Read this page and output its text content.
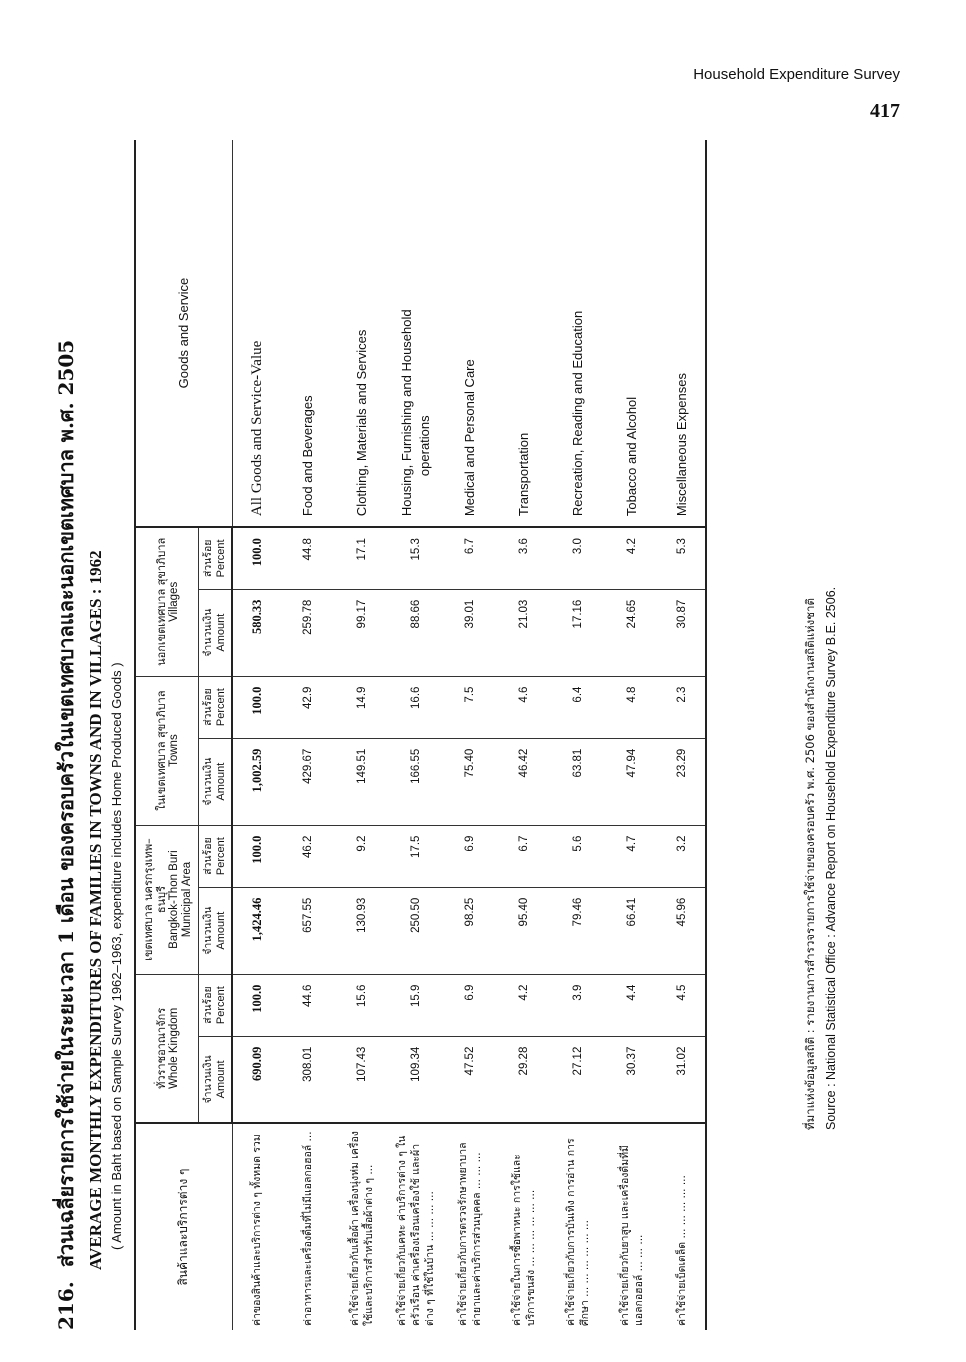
Household Expenditure Survey
417

216.ส่วนเฉลี่ยรายการใช้จ่ายในระยะเวลา 1 เดือน ของครอบครัวในเขตเทศบาลและนอกเขตเทศบาล พ.ศ. 2505 AVERAGE MONTHLY EXPENDITURES OF FAMILIES IN TOWNS AND IN VILLAGES : 1962 ( Amount in Baht based on Sample Survey 1962–1963, expenditure includes Home Produced Goods )	สินค้าและบริการต่าง ๆ	ทั่วราชอาณาจักร Whole Kingdom		เขตเทศบาล นครกรุงเทพ–ธนบุรี Bangkok-Thon Buri Municipal Area		ในเขตเทศบาล สุขาภิบาล Towns		นอกเขตเทศบาล สุขาภิบาล Villages		Goods and Service

	จำนวนเงิน Amount	ส่วนร้อย Percent	จำนวนเงิน Amount	ส่วนร้อย Percent	จำนวนเงิน Amount	ส่วนร้อย Percent	จำนวนเงิน Amount	ส่วนร้อย Percent	
ค่าของสินค้าและบริการต่าง ๆ ทั้งหมด รวม	690.09	100.0	1,424.46	100.0	1,002.59	100.0	580.33	100.0	All Goods and Service-Value
ค่าอาหารและเครื่องดื่มที่ไม่มีแอลกอฮอล์ ...	308.01	44.6	657.55	46.2	429.67	42.9	259.78	44.8	Food and Beverages
ค่าใช้จ่ายเกี่ยวกับเสื้อผ้า เครื่องนุ่งห่ม เครื่องใช้และบริการสำหรับเสื้อผ้าต่าง ๆ ...	107.43	15.6	130.93	9.2	149.51	14.9	99.17	17.1	Clothing, Materials and Services
ค่าใช้จ่ายเกี่ยวกับเคหะ ค่าบริการต่าง ๆ ในครัวเรือน ค่าเครื่องเรือนเครื่องใช้ และผ้าต่าง ๆ ที่ใช้ในบ้าน ... ... ... ...	109.34	15.9	250.50	17.5	166.55	16.6	88.66	15.3	Housing, Furnishing and Household operations
ค่าใช้จ่ายเกี่ยวกับการตรวจรักษาพยาบาล ค่ายาและค่าบริการส่วนบุคคล ... ... ...	47.52	6.9	98.25	6.9	75.40	7.5	39.01	6.7	Medical and Personal Care
ค่าใช้จ่ายในการซื้อพาหนะ การใช้และบริการขนส่ง ... ... ... ... ... ...	29.28	4.2	95.40	6.7	46.42	4.6	21.03	3.6	Transportation
ค่าใช้จ่ายเกี่ยวกับการบันเทิง การอ่าน การศึกษา ... ... ... ... ... ...	27.12	3.9	79.46	5.6	63.81	6.4	17.16	3.0	Recreation, Reading and Education
ค่าใช้จ่ายเกี่ยวกับยาสูบ และเครื่องดื่มที่มีแอลกอฮอล์ ... ... ...	30.37	4.4	66.41	4.7	47.94	4.8	24.65	4.2	Tobacco and Alcohol
ค่าใช้จ่ายเบ็ดเตล็ด ... ... ... ... ...	31.02	4.5	45.96	3.2	23.29	2.3	30.87	5.3	Miscellaneous Expenses
ที่มาแห่งข้อมูลสถิติ : รายงานการสำรวจรายการใช้จ่ายของครอบครัว พ.ศ. 2506 ของสำนักงานสถิติแห่งชาติ Source : National Statistical Office : Advance Report on Household Expenditure Survey B.E. 2506.
